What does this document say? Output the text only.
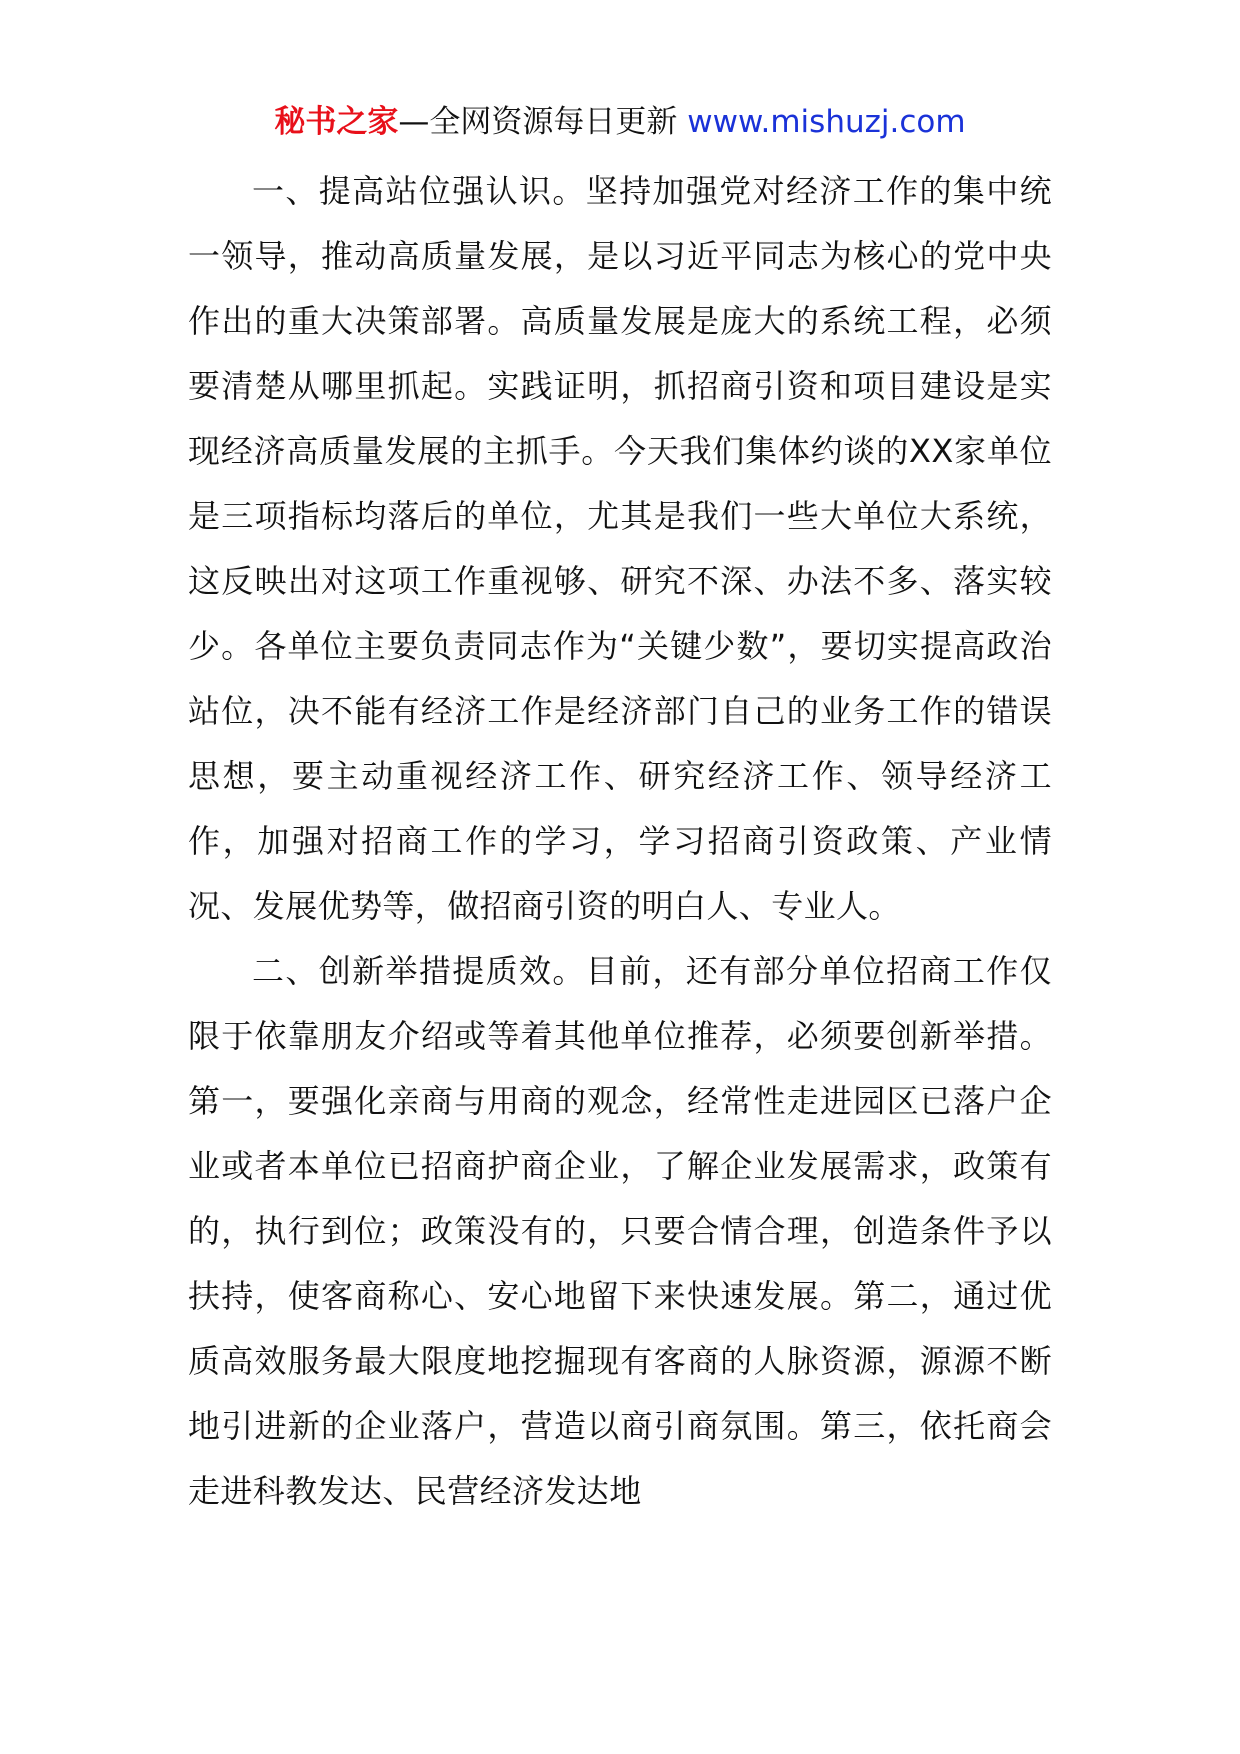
秘书之家—全网资源每日更新 www.mishuzj.com

一、提高站位强认识。坚持加强党对经济工作的集中统一领导，推动高质量发展，是以习近平同志为核心的党中央作出的重大决策部署。高质量发展是庞大的系统工程，必须要清楚从哪里抓起。实践证明，抓招商引资和项目建设是实现经济高质量发展的主抓手。今天我们集体约谈的XX家单位是三项指标均落后的单位，尤其是我们一些大单位大系统，这反映出对这项工作重视够、研究不深、办法不多、落实较少。各单位主要负责同志作为“关键少数”，要切实提高政治站位，决不能有经济工作是经济部门自己的业务工作的错误思想，要主动重视经济工作、研究经济工作、领导经济工作，加强对招商工作的学习，学习招商引资政策、产业情况、发展优势等，做招商引资的明白人、专业人。

二、创新举措提质效。目前，还有部分单位招商工作仅限于依靠朋友介绍或等着其他单位推荐，必须要创新举措。第一，要强化亲商与用商的观念，经常性走进园区已落户企业或者本单位已招商护商企业，了解企业发展需求，政策有的，执行到位；政策没有的，只要合情合理，创造条件予以扶持，使客商称心、安心地留下来快速发展。第二，通过优质高效服务最大限度地挖掘现有客商的人脉资源，源源不断地引进新的企业落户，营造以商引商氛围。第三，依托商会走进科教发达、民营经济发达地
